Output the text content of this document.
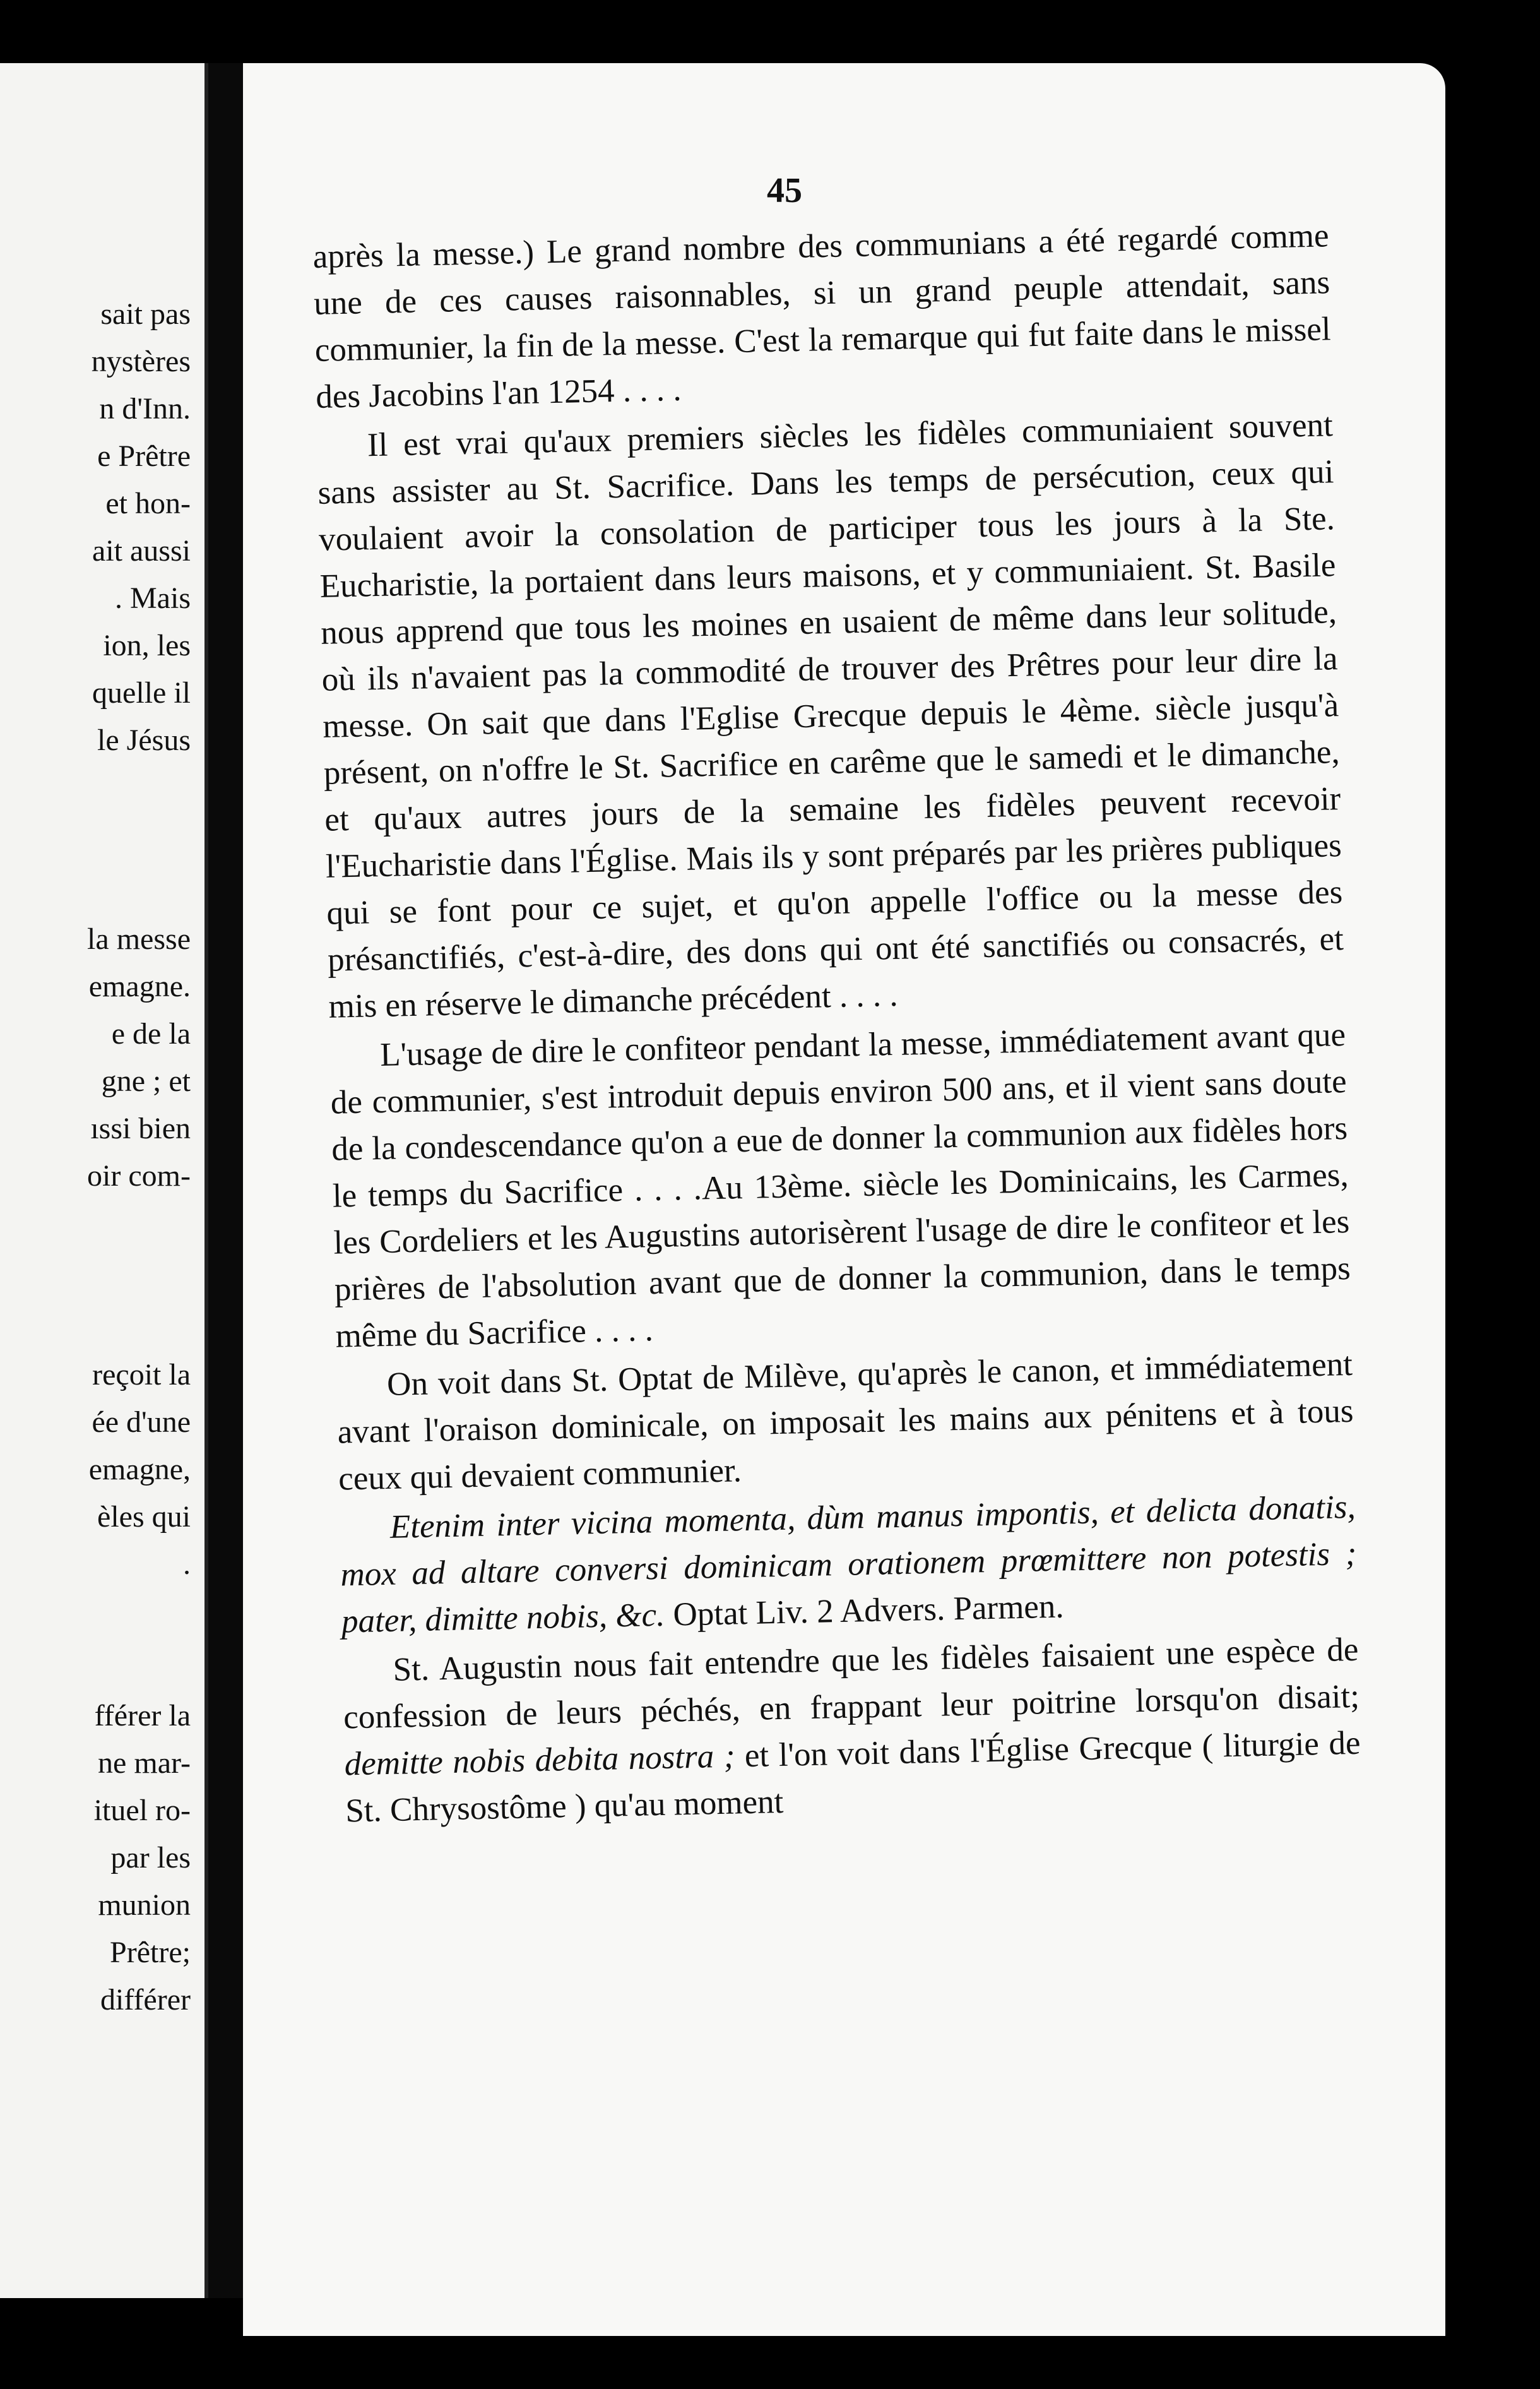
sait pas
nystères
n d'Inn.
e Prêtre
et hon-
ait aussi
. Mais
ion, les
quelle il
le Jésus
la messe
emagne.
e de la
gne ; et
ıssi bien
oir com-
reçoit la
ée d'une
emagne,
èles qui
.
fférer la
ne mar-
ituel ro-
par les
munion
Prêtre;
différer
45

après la messe.) Le grand nombre des communians a été regardé comme une de ces causes raisonnables, si un grand peuple attendait, sans communier, la fin de la messe. C'est la remarque qui fut faite dans le missel des Jacobins l'an 1254 . . . .

Il est vrai qu'aux premiers siècles les fidèles communiaient souvent sans assister au St. Sacrifice. Dans les temps de persécution, ceux qui voulaient avoir la consolation de participer tous les jours à la Ste. Eucharistie, la portaient dans leurs maisons, et y communiaient. St. Basile nous apprend que tous les moines en usaient de même dans leur solitude, où ils n'avaient pas la commodité de trouver des Prêtres pour leur dire la messe. On sait que dans l'Eglise Grecque depuis le 4ème. siècle jusqu'à présent, on n'offre le St. Sacrifice en carême que le samedi et le dimanche, et qu'aux autres jours de la semaine les fidèles peuvent recevoir l'Eucharistie dans l'Église. Mais ils y sont préparés par les prières publiques qui se font pour ce sujet, et qu'on appelle l'office ou la messe des présanctifiés, c'est-à-dire, des dons qui ont été sanctifiés ou consacrés, et mis en réserve le dimanche précédent . . . .

L'usage de dire le confiteor pendant la messe, immédiatement avant que de communier, s'est introduit depuis environ 500 ans, et il vient sans doute de la condescendance qu'on a eue de donner la communion aux fidèles hors le temps du Sacrifice . . . .Au 13ème. siècle les Dominicains, les Carmes, les Cordeliers et les Augustins autorisèrent l'usage de dire le confiteor et les prières de l'absolution avant que de donner la communion, dans le temps même du Sacrifice . . . .

On voit dans St. Optat de Milève, qu'après le canon, et immédiatement avant l'oraison dominicale, on imposait les mains aux pénitens et à tous ceux qui devaient communier.

Etenim inter vicina momenta, dùm manus impontis, et delicta donatis, mox ad altare conversi dominicam orationem prœmittere non potestis ; pater, dimitte nobis, &c. Optat Liv. 2 Advers. Parmen.

St. Augustin nous fait entendre que les fidèles faisaient une espèce de confession de leurs péchés, en frappant leur poitrine lorsqu'on disait; demitte nobis debita nostra ; et l'on voit dans l'Église Grecque ( liturgie de St. Chrysostôme ) qu'au moment
